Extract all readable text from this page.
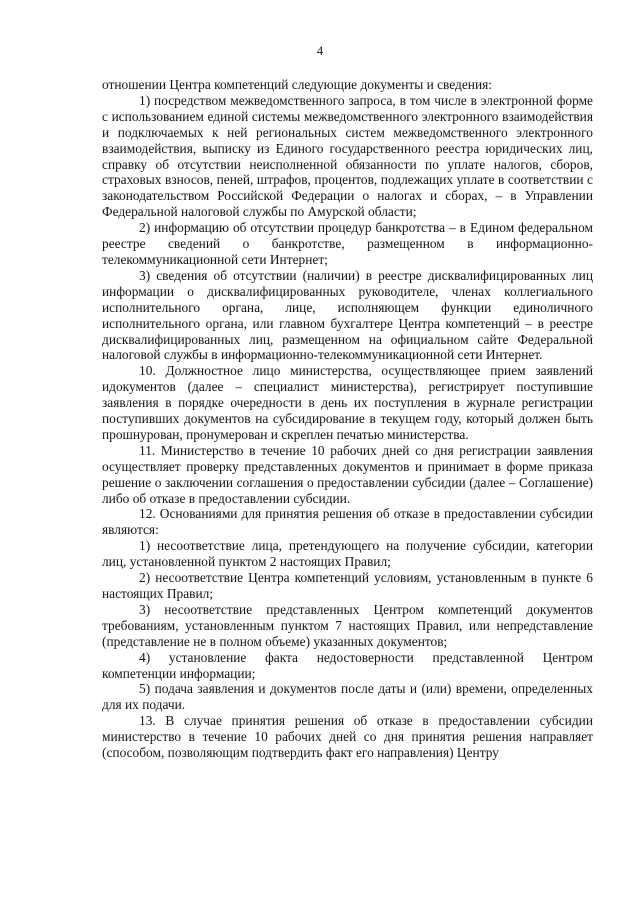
4

отношении Центра компетенций следующие документы и сведения:

1) посредством межведомственного запроса, в том числе в электронной форме с использованием единой системы межведомственного электронного взаимодействия и подключаемых к ней региональных систем межведомственного электронного взаимодействия, выписку из Единого государственного реестра юридических лиц, справку об отсутствии неисполненной обязанности по уплате налогов, сборов, страховых взносов, пеней, штрафов, процентов, подлежащих уплате в соответствии с законодательством Российской Федерации о налогах и сборах, – в Управлении Федеральной налоговой службы по Амурской области;

2) информацию об отсутствии процедур банкротства – в Едином федеральном реестре сведений о банкротстве, размещенном в информационно-телекоммуникационной сети Интернет;

3) сведения об отсутствии (наличии) в реестре дисквалифицированных лиц информации о дисквалифицированных руководителе, членах коллегиального исполнительного органа, лице, исполняющем функции единоличного исполнительного органа, или главном бухгалтере Центра компетенций – в реестре дисквалифицированных лиц, размещенном на официальном сайте Федеральной налоговой службы в информационно-телекоммуникационной сети Интернет.

10. Должностное лицо министерства, осуществляющее прием заявлений идокументов (далее – специалист министерства), регистрирует поступившие заявления в порядке очередности в день их поступления в журнале регистрации поступивших документов на субсидирование в текущем году, который должен быть прошнурован, пронумерован и скреплен печатью министерства.

11. Министерство в течение 10 рабочих дней со дня регистрации заявления осуществляет проверку представленных документов и принимает в форме приказа решение о заключении соглашения о предоставлении субсидии (далее – Соглашение) либо об отказе в предоставлении субсидии.

12. Основаниями для принятия решения об отказе в предоставлении субсидии являются:

1) несоответствие лица, претендующего на получение субсидии, категории лиц, установленной пунктом 2 настоящих Правил;

2) несоответствие Центра компетенций условиям, установленным в пункте 6 настоящих Правил;

3) несоответствие представленных Центром компетенций документов требованиям, установленным пунктом 7 настоящих Правил, или непредставление (представление не в полном объеме) указанных документов;

4) установление факта недостоверности представленной Центром компетенции информации;

5) подача заявления и документов после даты и (или) времени, определенных для их подачи.

13. В случае принятия решения об отказе в предоставлении субсидии министерство в течение 10 рабочих дней со дня принятия решения направляет (способом, позволяющим подтвердить факт его направления) Центру
